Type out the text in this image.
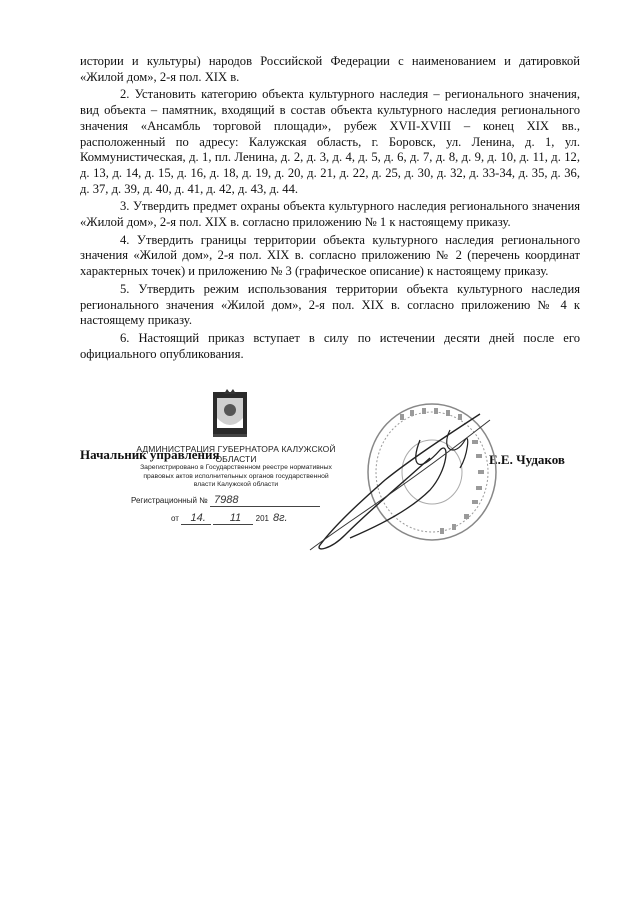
истории и культуры) народов Российской Федерации с наименованием и датировкой «Жилой дом», 2-я пол. XIX в.

2. Установить категорию объекта культурного наследия – регионального значения, вид объекта – памятник, входящий в состав объекта культурного наследия регионального значения «Ансамбль торговой площади», рубеж XVII-XVIII – конец XIX вв., расположенный по адресу: Калужская область, г. Боровск, ул. Ленина, д. 1, ул. Коммунистическая, д. 1, пл. Ленина, д. 2, д. 3, д. 4, д. 5, д. 6, д. 7, д. 8, д. 9, д. 10, д. 11, д. 12, д. 13, д. 14, д. 15, д. 16, д. 18, д. 19, д. 20, д. 21, д. 22, д. 25, д. 30, д. 32, д. 33-34, д. 35, д. 36, д. 37, д. 39, д. 40, д. 41, д. 42, д. 43, д. 44.

3. Утвердить предмет охраны объекта культурного наследия регионального значения «Жилой дом», 2-я пол. XIX в. согласно приложению № 1 к настоящему приказу.

4. Утвердить границы территории объекта культурного наследия регионального значения «Жилой дом», 2-я пол. XIX в. согласно приложению № 2 (перечень координат характерных точек) и приложению № 3 (графическое описание) к настоящему приказу.

5. Утвердить режим использования территории объекта культурного наследия регионального значения «Жилой дом», 2-я пол. XIX в. согласно приложению № 4 к настоящему приказу.

6. Настоящий приказ вступает в силу по истечении десяти дней после его официального опубликования.

АДМИНИСТРАЦИЯ ГУБЕРНАТОРА КАЛУЖСКОЙ ОБЛАСТИ
Зарегистрировано в Государственном реестре нормативных правовых актов исполнительных органов государственной власти Калужской области
Регистрационный № 7988
от 14. 11 201 8г.
Начальник управления	Е.Е. Чудаков
